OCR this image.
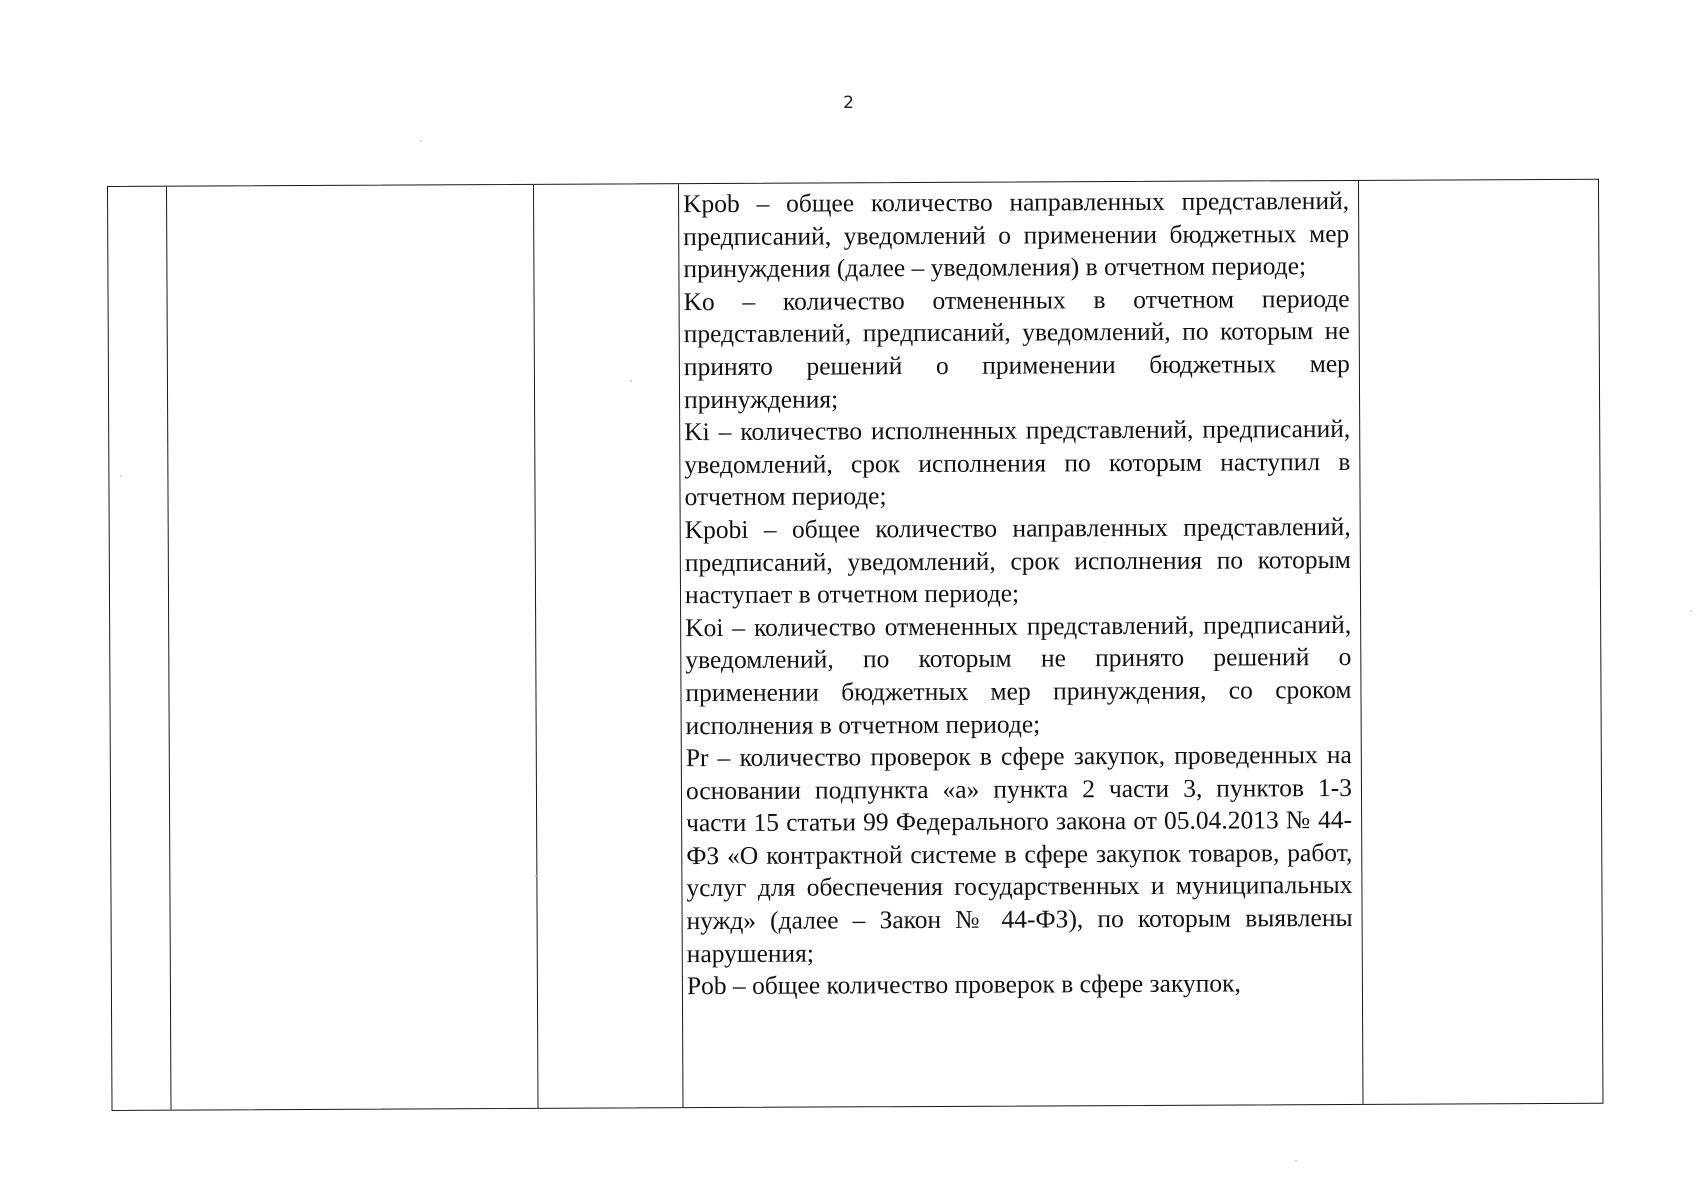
2

Kpob – общее количество направленных представлений, предписаний, уведомлений о применении бюджетных мер принуждения (далее – уведомления) в отчетном периоде;

Ko – количество отмененных в отчетном периоде представлений, предписаний, уведомлений, по которым не принято решений о применении бюджетных мер принуждения;

Ki – количество исполненных представлений, предписаний, уведомлений, срок исполнения по которым наступил в отчетном периоде;

Kpobi – общее количество направленных представлений, предписаний, уведомлений, срок исполнения по которым наступает в отчетном периоде;

Koi – количество отмененных представлений, предписаний, уведомлений, по которым не принято решений о применении бюджетных мер принуждения, со сроком исполнения в отчетном периоде;

Pr – количество проверок в сфере закупок, проведенных на основании подпункта «а» пункта 2 части 3, пунктов 1-3 части 15 статьи 99 Федерального закона от 05.04.2013 № 44-ФЗ «О контрактной системе в сфере закупок товаров, работ, услуг для обеспечения государственных и муниципальных нужд» (далее – Закон № 44-ФЗ), по которым выявлены нарушения;

Pob – общее количество проверок в сфере закупок,
